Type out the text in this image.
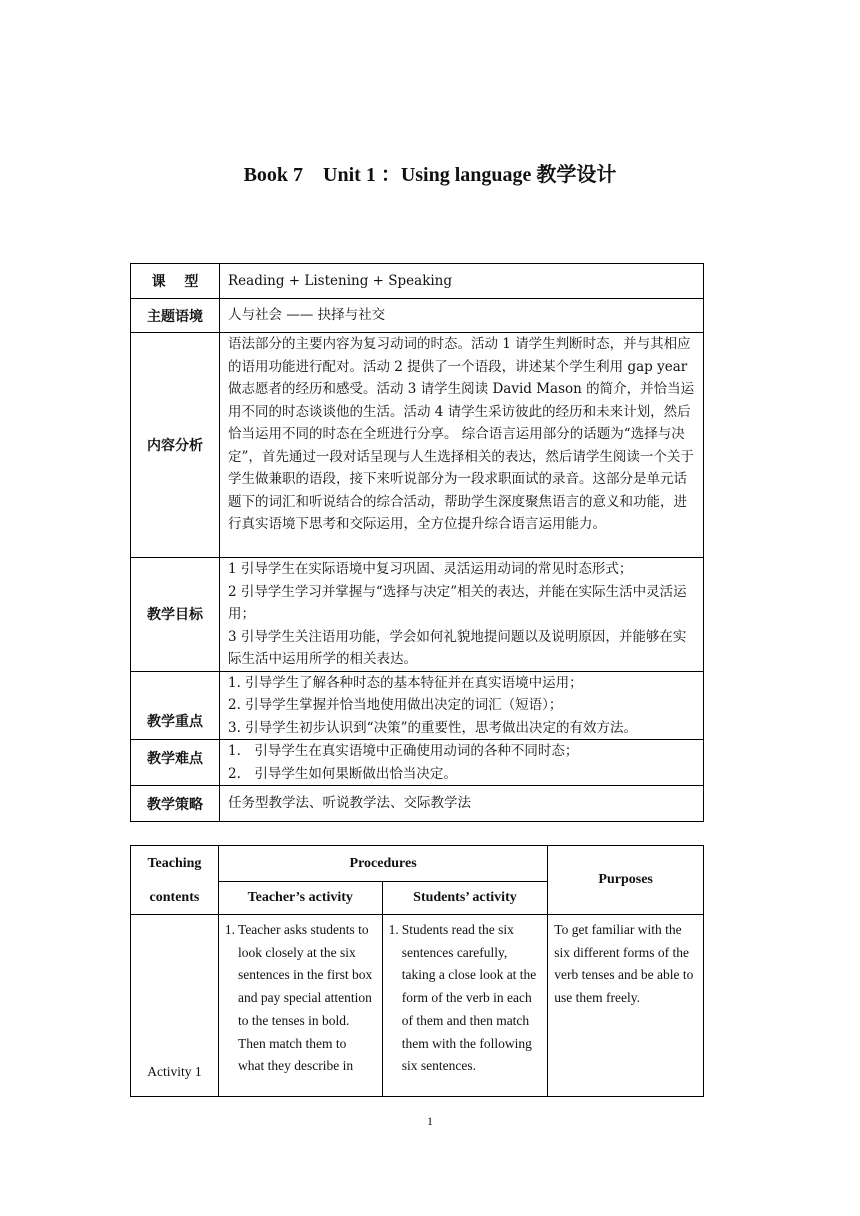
Book 7　Unit 1 ：Using language 教学设计
课　 型	Reading + Listening + Speaking

主题语境	人与社会 —— 抉择与社交

内容分析	语法部分的主要内容为复习动词的时态。活动 1 请学生判断时态，并与其相应的语用功能进行配对。活动 2 提供了一个语段，讲述某个学生利用 gap year 做志愿者的经历和感受。活动 3 请学生阅读 David Mason 的简介，并恰当运用不同的时态谈谈他的生活。活动 4 请学生采访彼此的经历和未来计划，然后恰当运用不同的时态在全班进行分享。 综合语言运用部分的话题为“选择与决定”，首先通过一段对话呈现与人生选择相关的表达，然后请学生阅读一个关于学生做兼职的语段，接下来听说部分为一段求职面试的录音。这部分是单元话题下的词汇和听说结合的综合活动，帮助学生深度聚焦语言的意义和功能，进行真实语境下思考和交际运用，全方位提升综合语言运用能力。

教学目标	1 引导学生在实际语境中复习巩固、灵活运用动词的常见时态形式；

2 引导学生学习并掌握与“选择与决定”相关的表达，并能在实际生活中灵活运用；

3 引导学生关注语用功能，学会如何礼貌地提问题以及说明原因，并能够在实际生活中运用所学的相关表达。

教学重点	1. 引导学生了解各种时态的基本特征并在真实语境中运用；

2. 引导学生掌握并恰当地使用做出决定的词汇（短语）；

3. 引导学生初步认识到“决策”的重要性，思考做出决定的有效方法。

教学难点	1.　引导学生在真实语境中正确使用动词的各种不同时态；

2.　引导学生如何果断做出恰当决定。

教学策略	任务型教学法、听说教学法、交际教学法

Teaching	Procedures		Purposes
contents	Teacher’s activity	Students’ activity	
Activity 1	1. Teacher asks students to look closely at the six sentences in the first box and pay special attention to the tenses in bold. Then match them to what they describe in	1. Students read the six sentences carefully, taking a close look at the form of the verb in each of them and then match them with the following six sentences.	To get familiar with the six different forms of the verb tenses and be able to use them freely.
1
